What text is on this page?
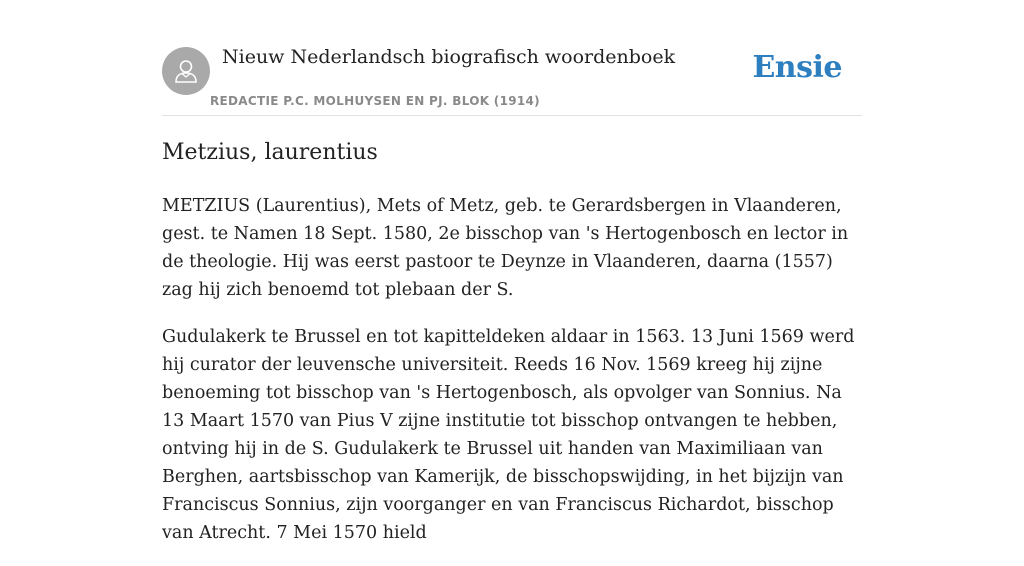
Nieuw Nederlandsch biografisch woordenboek
REDACTIE P.C. MOLHUYSEN EN PJ. BLOK (1914)
Ensie
Metzius, laurentius

METZIUS (Laurentius), Mets of Metz, geb. te Gerardsbergen in Vlaanderen, gest. te Namen 18 Sept. 1580, 2e bisschop van 's Hertogenbosch en lector in de theologie. Hij was eerst pastoor te Deynze in Vlaanderen, daarna (1557) zag hij zich benoemd tot plebaan der S.

Gudulakerk te Brussel en tot kapitteldeken aldaar in 1563. 13 Juni 1569 werd hij curator der leuvensche universiteit. Reeds 16 Nov. 1569 kreeg hij zijne benoeming tot bisschop van 's Hertogenbosch, als opvolger van Sonnius. Na 13 Maart 1570 van Pius V zijne institutie tot bisschop ontvangen te hebben, ontving hij in de S. Gudulakerk te Brussel uit handen van Maximiliaan van Berghen, aartsbisschop van Kamerijk, de bisschopswijding, in het bijzijn van Franciscus Sonnius, zijn voorganger en van Franciscus Richardot, bisschop van Atrecht. 7 Mei 1570 hield
